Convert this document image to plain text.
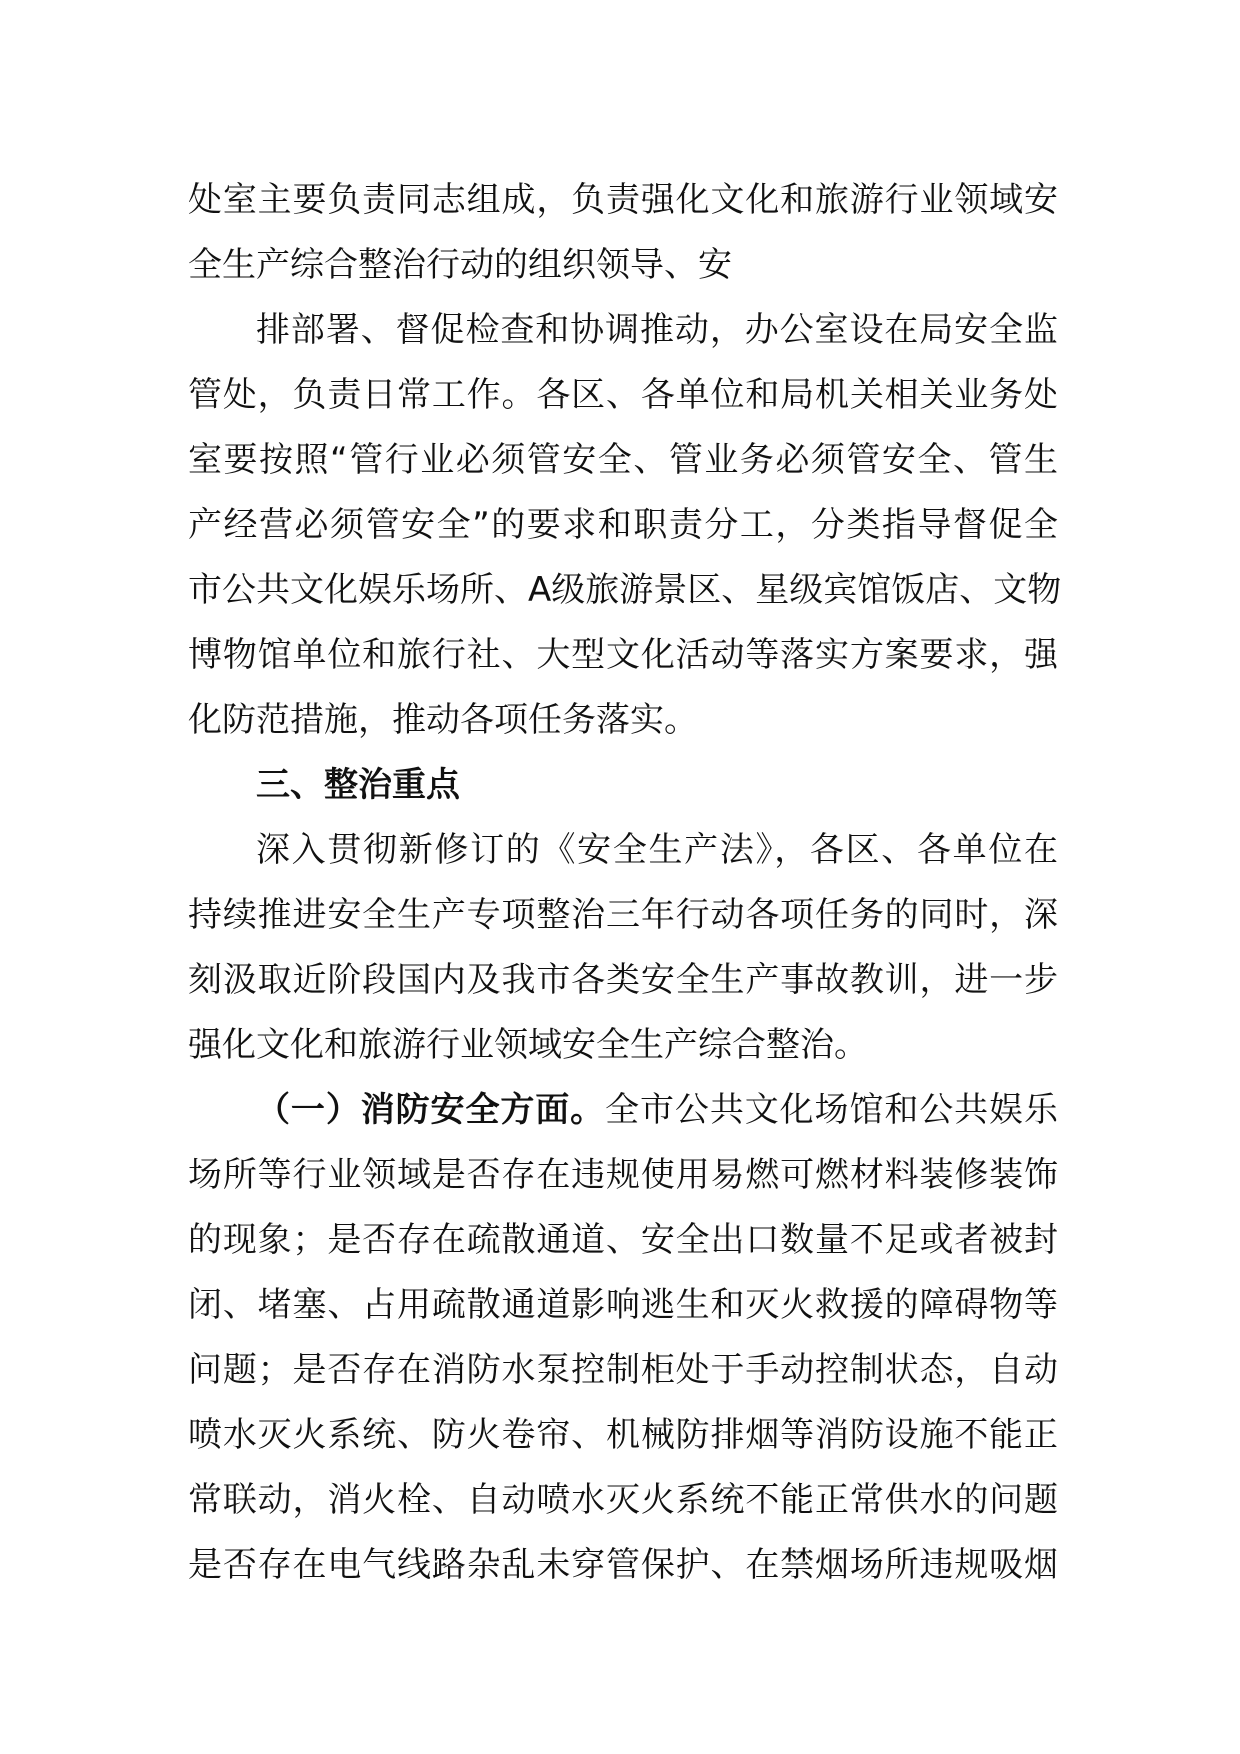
处室主要负责同志组成，负责强化文化和旅游行业领域安

全生产综合整治行动的组织领导、安

排部署、督促检查和协调推动，办公室设在局安全监

管处，负责日常工作。各区、各单位和局机关相关业务处

室要按照“管行业必须管安全、管业务必须管安全、管生

产经营必须管安全”的要求和职责分工，分类指导督促全

市公共文化娱乐场所、A级旅游景区、星级宾馆饭店、文物

博物馆单位和旅行社、大型文化活动等落实方案要求，强

化防范措施，推动各项任务落实。

三、整治重点

深入贯彻新修订的《安全生产法》，各区、各单位在

持续推进安全生产专项整治三年行动各项任务的同时，深

刻汲取近阶段国内及我市各类安全生产事故教训，进一步

强化文化和旅游行业领域安全生产综合整治。

（一）消防安全方面。全市公共文化场馆和公共娱乐

场所等行业领域是否存在违规使用易燃可燃材料装修装饰

的现象；是否存在疏散通道、安全出口数量不足或者被封

闭、堵塞、占用疏散通道影响逃生和灭火救援的障碍物等

问题；是否存在消防水泵控制柜处于手动控制状态，自动

喷水灭火系统、防火卷帘、机械防排烟等消防设施不能正

常联动，消火栓、自动喷水灭火系统不能正常供水的问题

是否存在电气线路杂乱未穿管保护、在禁烟场所违规吸烟
